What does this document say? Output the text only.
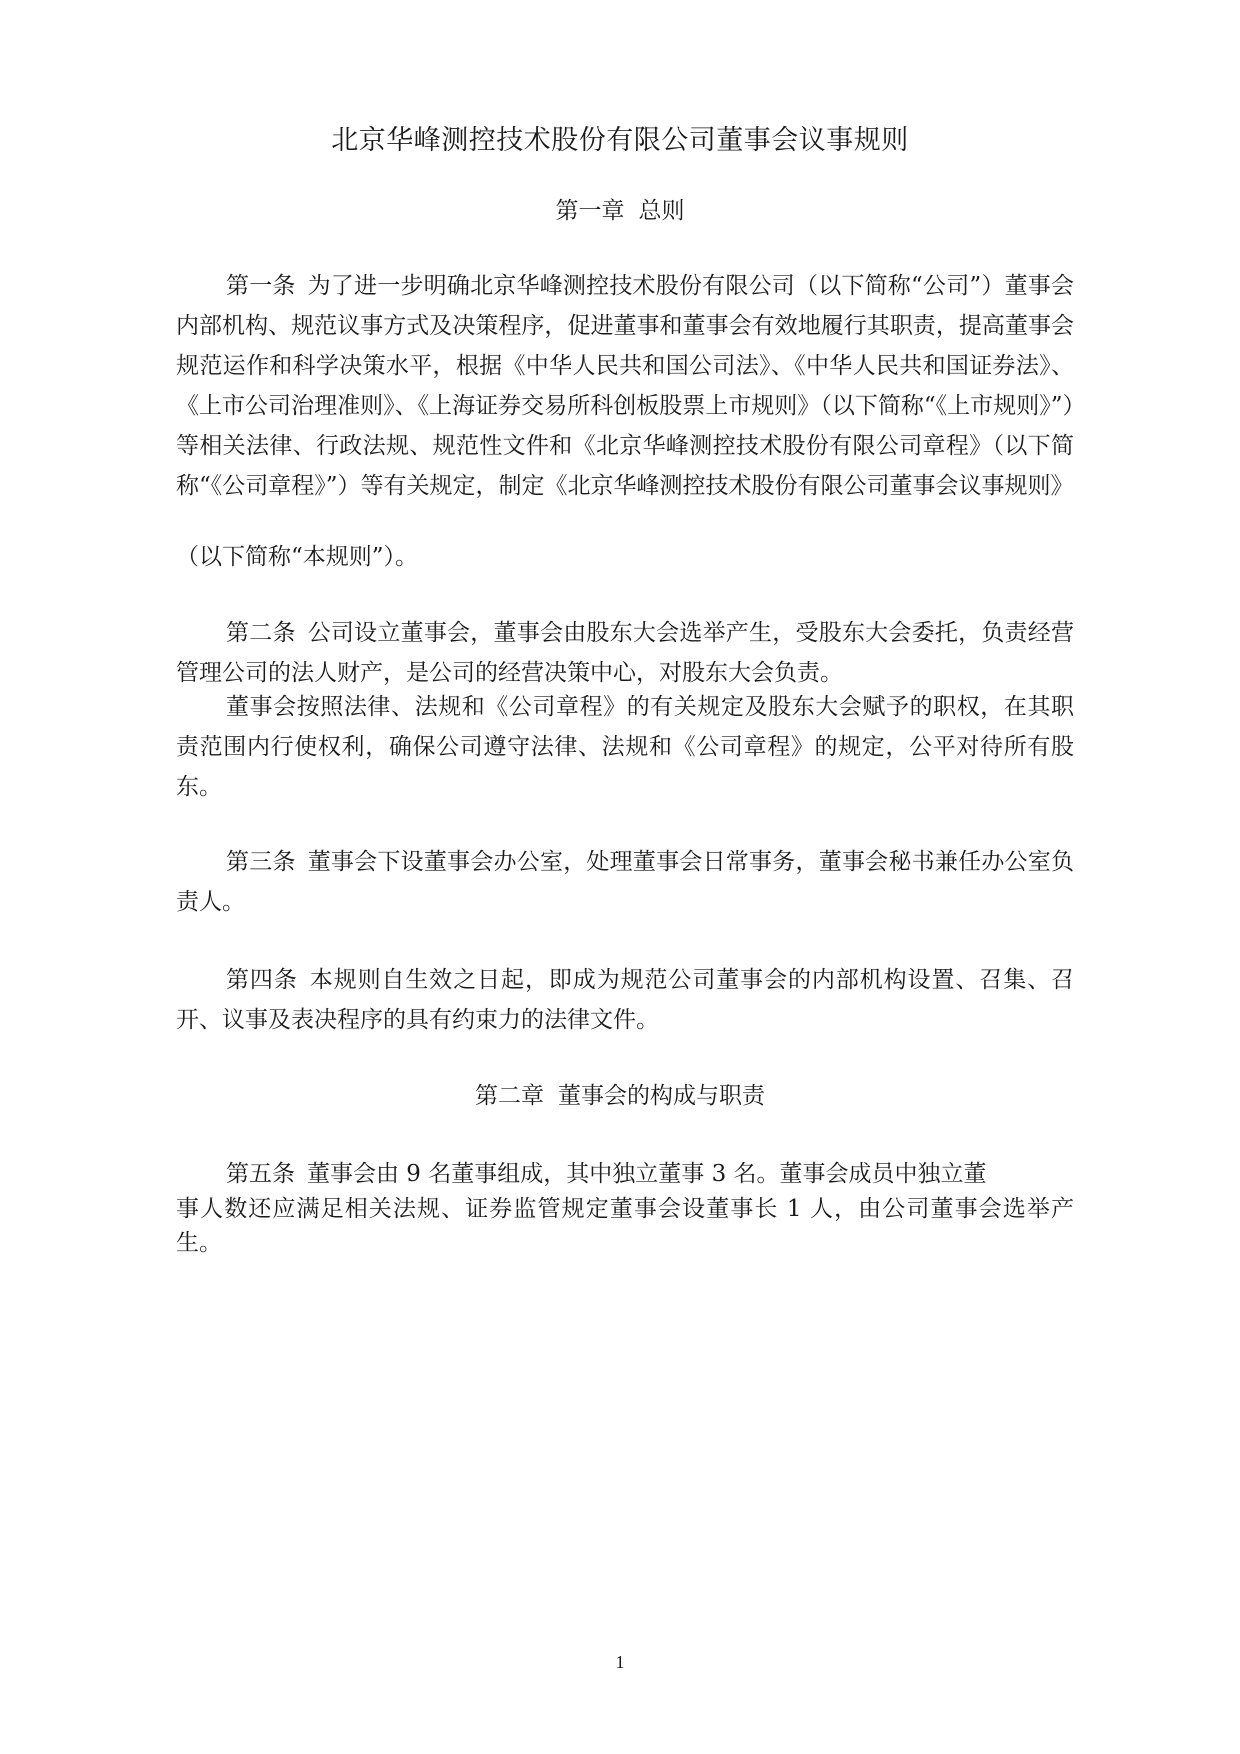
北京华峰测控技术股份有限公司董事会议事规则
第一章 总则

第一条 为了进一步明确北京华峰测控技术股份有限公司（以下简称“公司”）董事会内部机构、规范议事方式及决策程序，促进董事和董事会有效地履行其职责，提高董事会规范运作和科学决策水平，根据《中华人民共和国公司法》、《中华人民共和国证券法》、《上市公司治理准则》、《上海证券交易所科创板股票上市规则》（以下简称“《上市规则》”）等相关法律、行政法规、规范性文件和《北京华峰测控技术股份有限公司章程》（以下简称“《公司章程》”）等有关规定，制定《北京华峰测控技术股份有限公司董事会议事规则》

（以下简称“本规则”）。

第二条 公司设立董事会，董事会由股东大会选举产生，受股东大会委托，负责经营管理公司的法人财产，是公司的经营决策中心，对股东大会负责。

董事会按照法律、法规和《公司章程》的有关规定及股东大会赋予的职权，在其职责范围内行使权利，确保公司遵守法律、法规和《公司章程》的规定，公平对待所有股东。

第三条 董事会下设董事会办公室，处理董事会日常事务，董事会秘书兼任办公室负责人。

第四条 本规则自生效之日起，即成为规范公司董事会的内部机构设置、召集、召开、议事及表决程序的具有约束力的法律文件。

第二章 董事会的构成与职责

第五条 董事会由 9 名董事组成，其中独立董事 3 名。董事会成员中独立董

事人数还应满足相关法规、证券监管规定董事会设董事长 1 人，由公司董事会选举产生。

1
